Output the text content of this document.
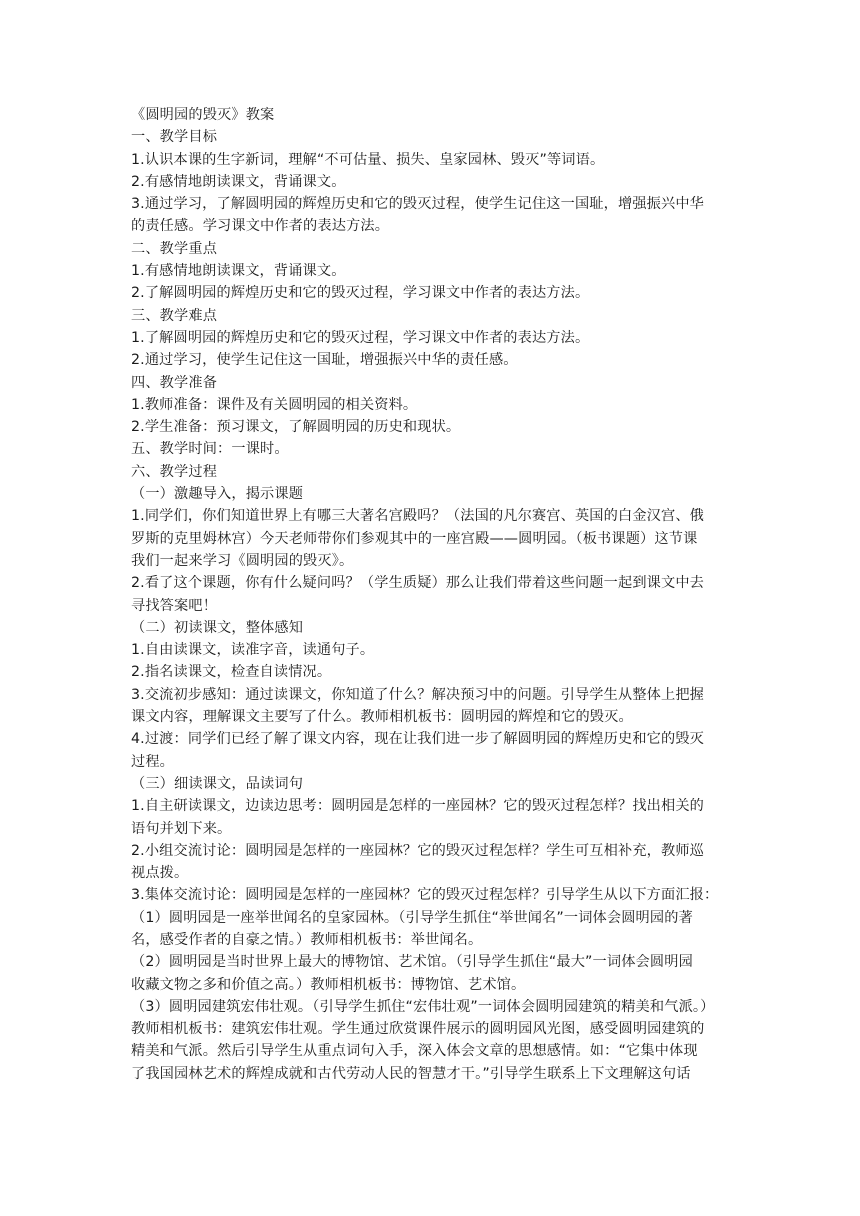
《圆明园的毁灭》教案
一、教学目标
1.认识本课的生字新词，理解“不可估量、损失、皇家园林、毁灭”等词语。
2.有感情地朗读课文，背诵课文。
3.通过学习，了解圆明园的辉煌历史和它的毁灭过程，使学生记住这一国耻，增强振兴中华
的责任感。学习课文中作者的表达方法。
二、教学重点
1.有感情地朗读课文，背诵课文。
2.了解圆明园的辉煌历史和它的毁灭过程，学习课文中作者的表达方法。
三、教学难点
1.了解圆明园的辉煌历史和它的毁灭过程，学习课文中作者的表达方法。
2.通过学习，使学生记住这一国耻，增强振兴中华的责任感。
四、教学准备
1.教师准备：课件及有关圆明园的相关资料。
2.学生准备：预习课文，了解圆明园的历史和现状。
五、教学时间：一课时。
六、教学过程
（一）激趣导入，揭示课题
1.同学们，你们知道世界上有哪三大著名宫殿吗？（法国的凡尔赛宫、英国的白金汉宫、俄
罗斯的克里姆林宫）今天老师带你们参观其中的一座宫殿——圆明园。（板书课题）这节课
我们一起来学习《圆明园的毁灭》。
2.看了这个课题，你有什么疑问吗？（学生质疑）那么让我们带着这些问题一起到课文中去
寻找答案吧！
（二）初读课文，整体感知
1.自由读课文，读准字音，读通句子。
2.指名读课文，检查自读情况。
3.交流初步感知：通过读课文，你知道了什么？解决预习中的问题。引导学生从整体上把握
课文内容，理解课文主要写了什么。教师相机板书：圆明园的辉煌和它的毁灭。
4.过渡：同学们已经了解了课文内容，现在让我们进一步了解圆明园的辉煌历史和它的毁灭
过程。
（三）细读课文，品读词句
1.自主研读课文，边读边思考：圆明园是怎样的一座园林？它的毁灭过程怎样？找出相关的
语句并划下来。
2.小组交流讨论：圆明园是怎样的一座园林？它的毁灭过程怎样？学生可互相补充，教师巡
视点拨。
3.集体交流讨论：圆明园是怎样的一座园林？它的毁灭过程怎样？引导学生从以下方面汇报：
（1）圆明园是一座举世闻名的皇家园林。（引导学生抓住“举世闻名”一词体会圆明园的著
名，感受作者的自豪之情。）教师相机板书：举世闻名。
（2）圆明园是当时世界上最大的博物馆、艺术馆。（引导学生抓住“最大”一词体会圆明园
收藏文物之多和价值之高。）教师相机板书：博物馆、艺术馆。
（3）圆明园建筑宏伟壮观。（引导学生抓住“宏伟壮观”一词体会圆明园建筑的精美和气派。）
教师相机板书：建筑宏伟壮观。学生通过欣赏课件展示的圆明园风光图，感受圆明园建筑的
精美和气派。然后引导学生从重点词句入手，深入体会文章的思想感情。如：“它集中体现
了我国园林艺术的辉煌成就和古代劳动人民的智慧才干。”引导学生联系上下文理解这句话
